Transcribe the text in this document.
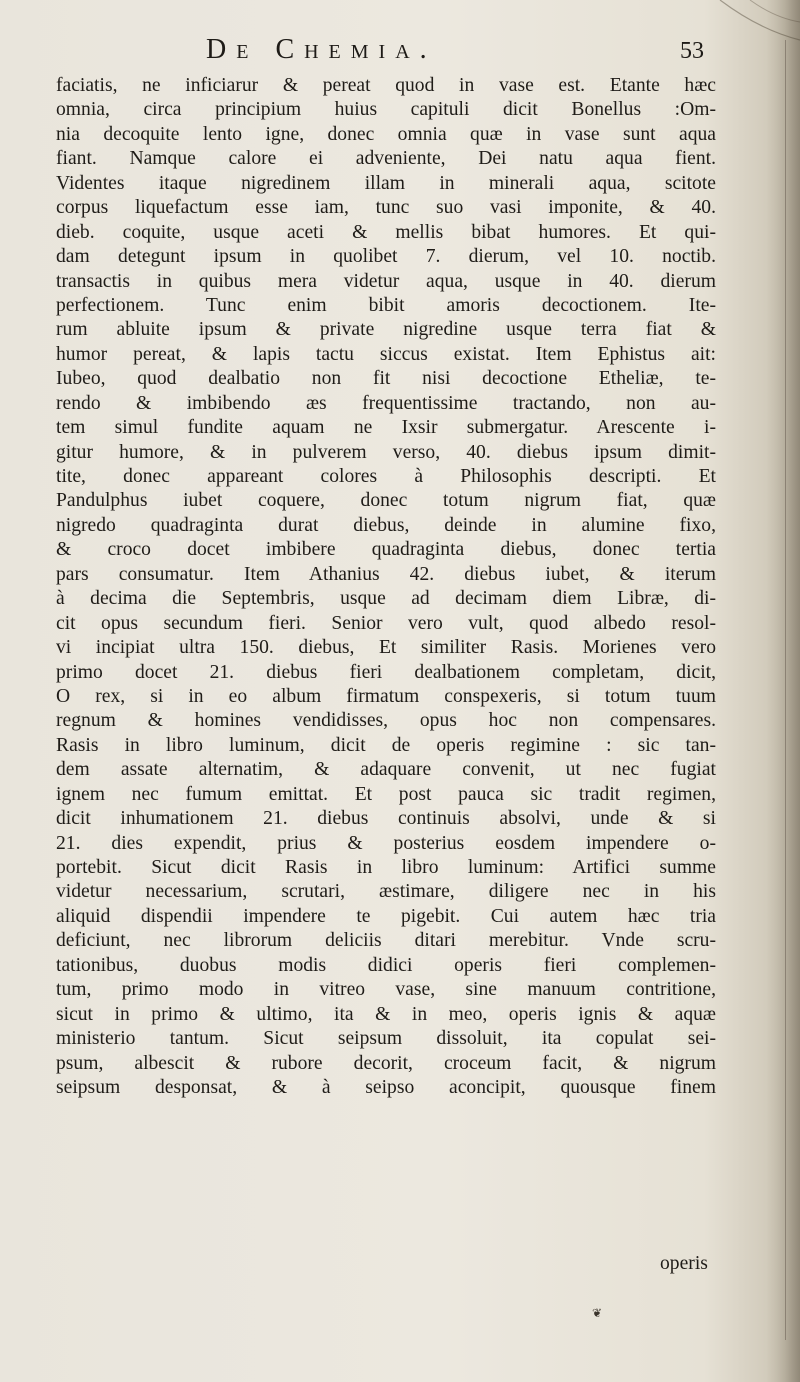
De Chemia.	53
faciatis, ne inficiarur & pereat quod in vase est. Etante hæc
omnia, circa principium huius capituli dicit Bonellus :Om-
nia decoquite lento igne, donec omnia quæ in vase sunt aqua
fiant. Namque calore ei adveniente, Dei natu aqua fient.
Videntes itaque nigredinem illam in minerali aqua, scitote
corpus liquefactum esse iam, tunc suo vasi imponite, & 40.
dieb. coquite, usque aceti & mellis bibat humores. Et qui-
dam detegunt ipsum in quolibet 7. dierum, vel 10. noctib.
transactis in quibus mera videtur aqua, usque in 40. dierum
perfectionem. Tunc enim bibit amoris decoctionem. Ite-
rum abluite ipsum & private nigredine usque terra fiat &
humor pereat, & lapis tactu siccus existat. Item Ephistus ait:
Iubeo, quod dealbatio non fit nisi decoctione Etheliæ, te-
rendo & imbibendo æs frequentissime tractando, non au-
tem simul fundite aquam ne Ixsir submergatur. Arescente i-
gitur humore, & in pulverem verso, 40. diebus ipsum dimit-
tite, donec appareant colores à Philosophis descripti. Et
Pandulphus iubet coquere, donec totum nigrum fiat, quæ
nigredo quadraginta durat diebus, deinde in alumine fixo,
& croco docet imbibere quadraginta diebus, donec tertia
pars consumatur. Item Athanius 42. diebus iubet, & iterum
à decima die Septembris, usque ad decimam diem Libræ, di-
cit opus secundum fieri. Senior vero vult, quod albedo resol-
vi incipiat ultra 150. diebus, Et similiter Rasis. Morienes vero
primo docet 21. diebus fieri dealbationem completam, dicit,
O rex, si in eo album firmatum conspexeris, si totum tuum
regnum & homines vendidisses, opus hoc non compensares.
Rasis in libro luminum, dicit de operis regimine : sic tan-
dem assate alternatim, & adaquare convenit, ut nec fugiat
ignem nec fumum emittat. Et post pauca sic tradit regimen,
dicit inhumationem 21. diebus continuis absolvi, unde & si
21. dies expendit, prius & posterius eosdem impendere o-
portebit. Sicut dicit Rasis in libro luminum: Artifici summe
videtur necessarium, scrutari, æstimare, diligere nec in his
aliquid dispendii impendere te pigebit. Cui autem hæc tria
deficiunt, nec librorum deliciis ditari merebitur. Vnde scru-
tationibus, duobus modis didici operis fieri complemen-
tum, primo modo in vitreo vase, sine manuum contritione,
sicut in primo & ultimo, ita & in meo, operis ignis & aquæ
ministerio tantum. Sicut seipsum dissoluit, ita copulat sei-
psum, albescit & rubore decorit, croceum facit, & nigrum
seipsum desponsat, & à seipso aconcipit, quousque finem
operis
❦
